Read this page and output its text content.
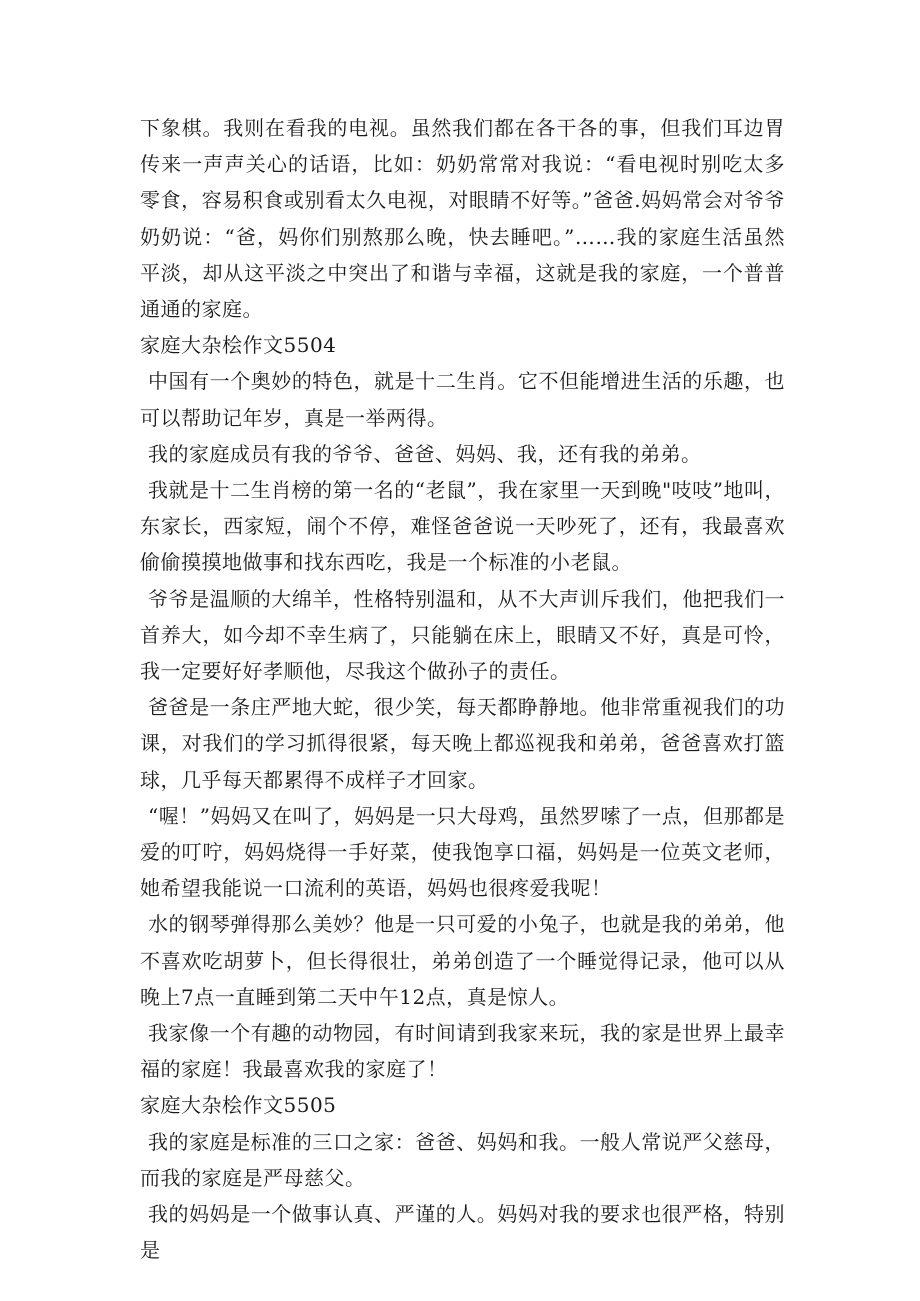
下象棋。我则在看我的电视。虽然我们都在各干各的事，但我们耳边胃传来一声声关心的话语，比如：奶奶常常对我说：“看电视时别吃太多零食，容易积食或别看太久电视，对眼睛不好等。”爸爸.妈妈常会对爷爷奶奶说：“爸，妈你们别熬那么晚，快去睡吧。”……我的家庭生活虽然平淡，却从这平淡之中突出了和谐与幸福，这就是我的家庭，一个普普通通的家庭。

家庭大杂桧作文5504

中国有一个奥妙的特色，就是十二生肖。它不但能增进生活的乐趣，也可以帮助记年岁，真是一举两得。

我的家庭成员有我的爷爷、爸爸、妈妈、我，还有我的弟弟。

我就是十二生肖榜的第一名的“老鼠”，我在家里一天到晚"吱吱”地叫，东家长，西家短，闹个不停，难怪爸爸说一天吵死了，还有，我最喜欢偷偷摸摸地做事和找东西吃，我是一个标准的小老鼠。

爷爷是温顺的大绵羊，性格特别温和，从不大声训斥我们，他把我们一首养大，如今却不幸生病了，只能躺在床上，眼睛又不好，真是可怜，我一定要好好孝顺他，尽我这个做孙子的责任。

爸爸是一条庄严地大蛇，很少笑，每天都睁静地。他非常重视我们的功课，对我们的学习抓得很紧，每天晚上都巡视我和弟弟，爸爸喜欢打篮球，几乎每天都累得不成样子才回家。

“喔！”妈妈又在叫了，妈妈是一只大母鸡，虽然罗嗦了一点，但那都是爱的叮咛，妈妈烧得一手好菜，使我饱享口福，妈妈是一位英文老师，她希望我能说一口流利的英语，妈妈也很疼爱我呢！

水的钢琴弹得那么美妙？他是一只可爱的小兔子，也就是我的弟弟，他不喜欢吃胡萝卜，但长得很壮，弟弟创造了一个睡觉得记录，他可以从晚上7点一直睡到第二天中午12点，真是惊人。

我家像一个有趣的动物园，有时间请到我家来玩，我的家是世界上最幸福的家庭！我最喜欢我的家庭了！

家庭大杂桧作文5505

我的家庭是标准的三口之家：爸爸、妈妈和我。一般人常说严父慈母，而我的家庭是严母慈父。

我的妈妈是一个做事认真、严谨的人。妈妈对我的要求也很严格，特别是
